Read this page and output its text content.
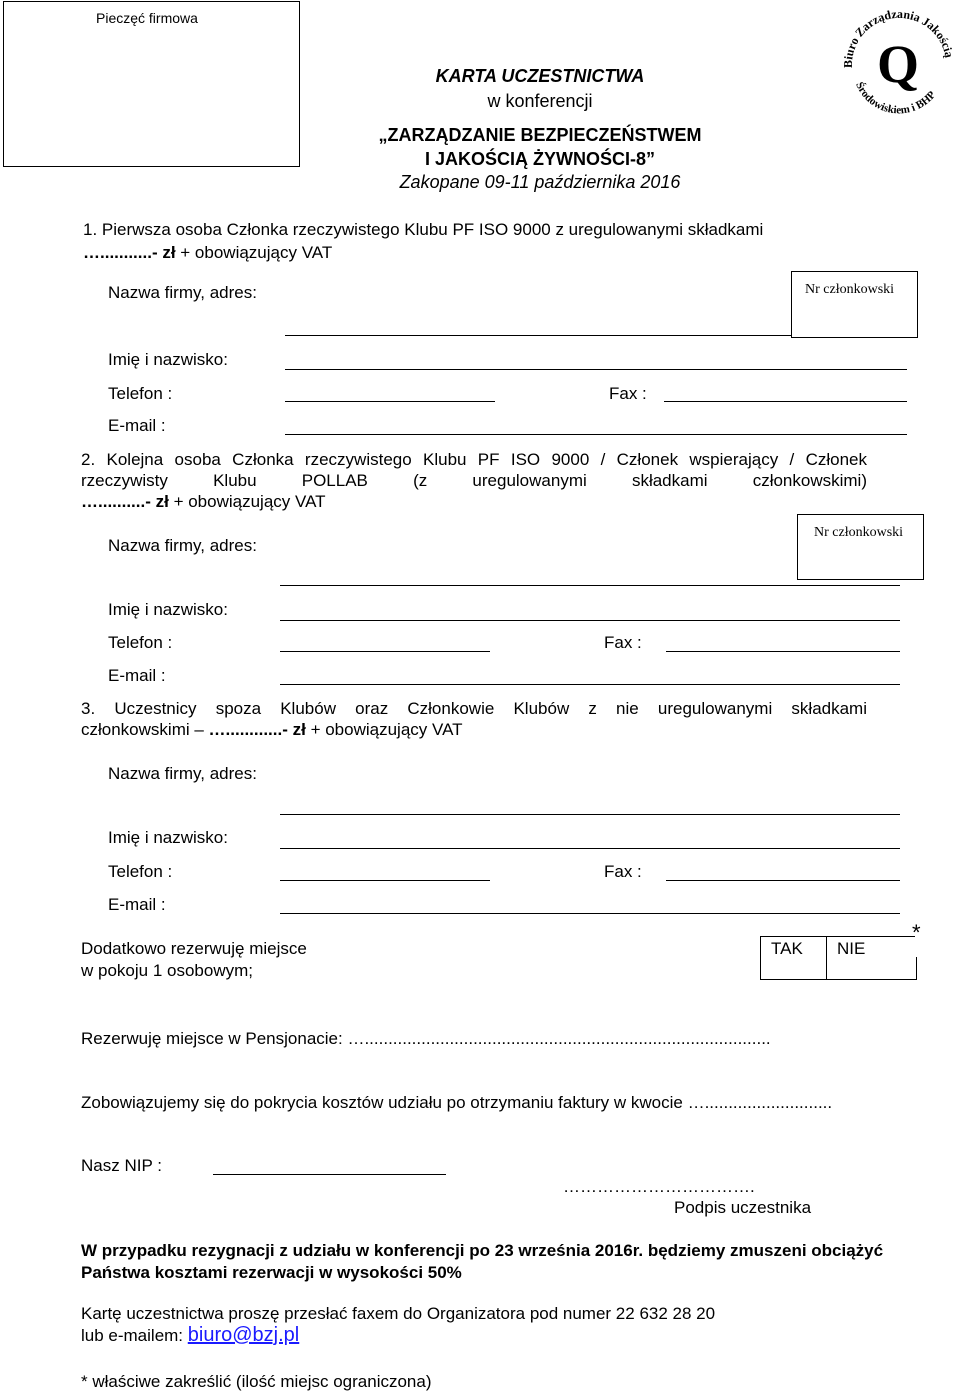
Pieczęć firmowa
Biuro Zarządzania Jakością
Środowiskiem i BHP
Q
KARTA UCZESTNICTWA
w konferencji
„ZARZĄDZANIE BEZPIECZEŃSTWEM
I JAKOŚCIĄ ŻYWNOŚCI-8”
Zakopane 09-11 października 2016
1. Pierwsza osoba Członka rzeczywistego Klubu PF ISO 9000 z uregulowanymi składkami
…...........- zł + obowiązujący VAT
Nazwa firmy, adres:	Nr członkowski
Imię i nazwisko:
Telefon :	Fax :
E-mail :
2. Kolejna osoba Członka rzeczywistego Klubu PF ISO 9000 / Członek wspierający / Członek
rzeczywisty Klubu POLLAB (z uregulowanymi składkami członkowskimi)
…..........- zł + obowiązujący VAT
Nazwa firmy, adres:
Nr członkowski
Imię i nazwisko:
Telefon :	Fax :
E-mail :
3. Uczestnicy spoza Klubów oraz Członkowie Klubów z nie uregulowanymi składkami
członkowskimi – …............- zł + obowiązujący VAT
Nazwa firmy, adres:
Imię i nazwisko:
Telefon :	Fax :
E-mail :
Dodatkowo rezerwuję miejsce
w pokoju 1 osobowym;
*
TAK NIE
Rezerwuję miejsce w Pensjonacie: …......................................................................................
Zobowiązujemy się do pokrycia kosztów udziału po otrzymaniu faktury w kwocie …...........................
Nasz NIP :
…………………………….
Podpis uczestnika
W przypadku rezygnacji z udziału w konferencji po 23 września 2016r. będziemy zmuszeni obciążyć
Państwa kosztami rezerwacji w wysokości 50%
Kartę uczestnictwa proszę przesłać faxem do Organizatora pod numer 22 632 28 20
lub e-mailem: biuro@bzj.pl
* właściwe zakreślić (ilość miejsc ograniczona)
